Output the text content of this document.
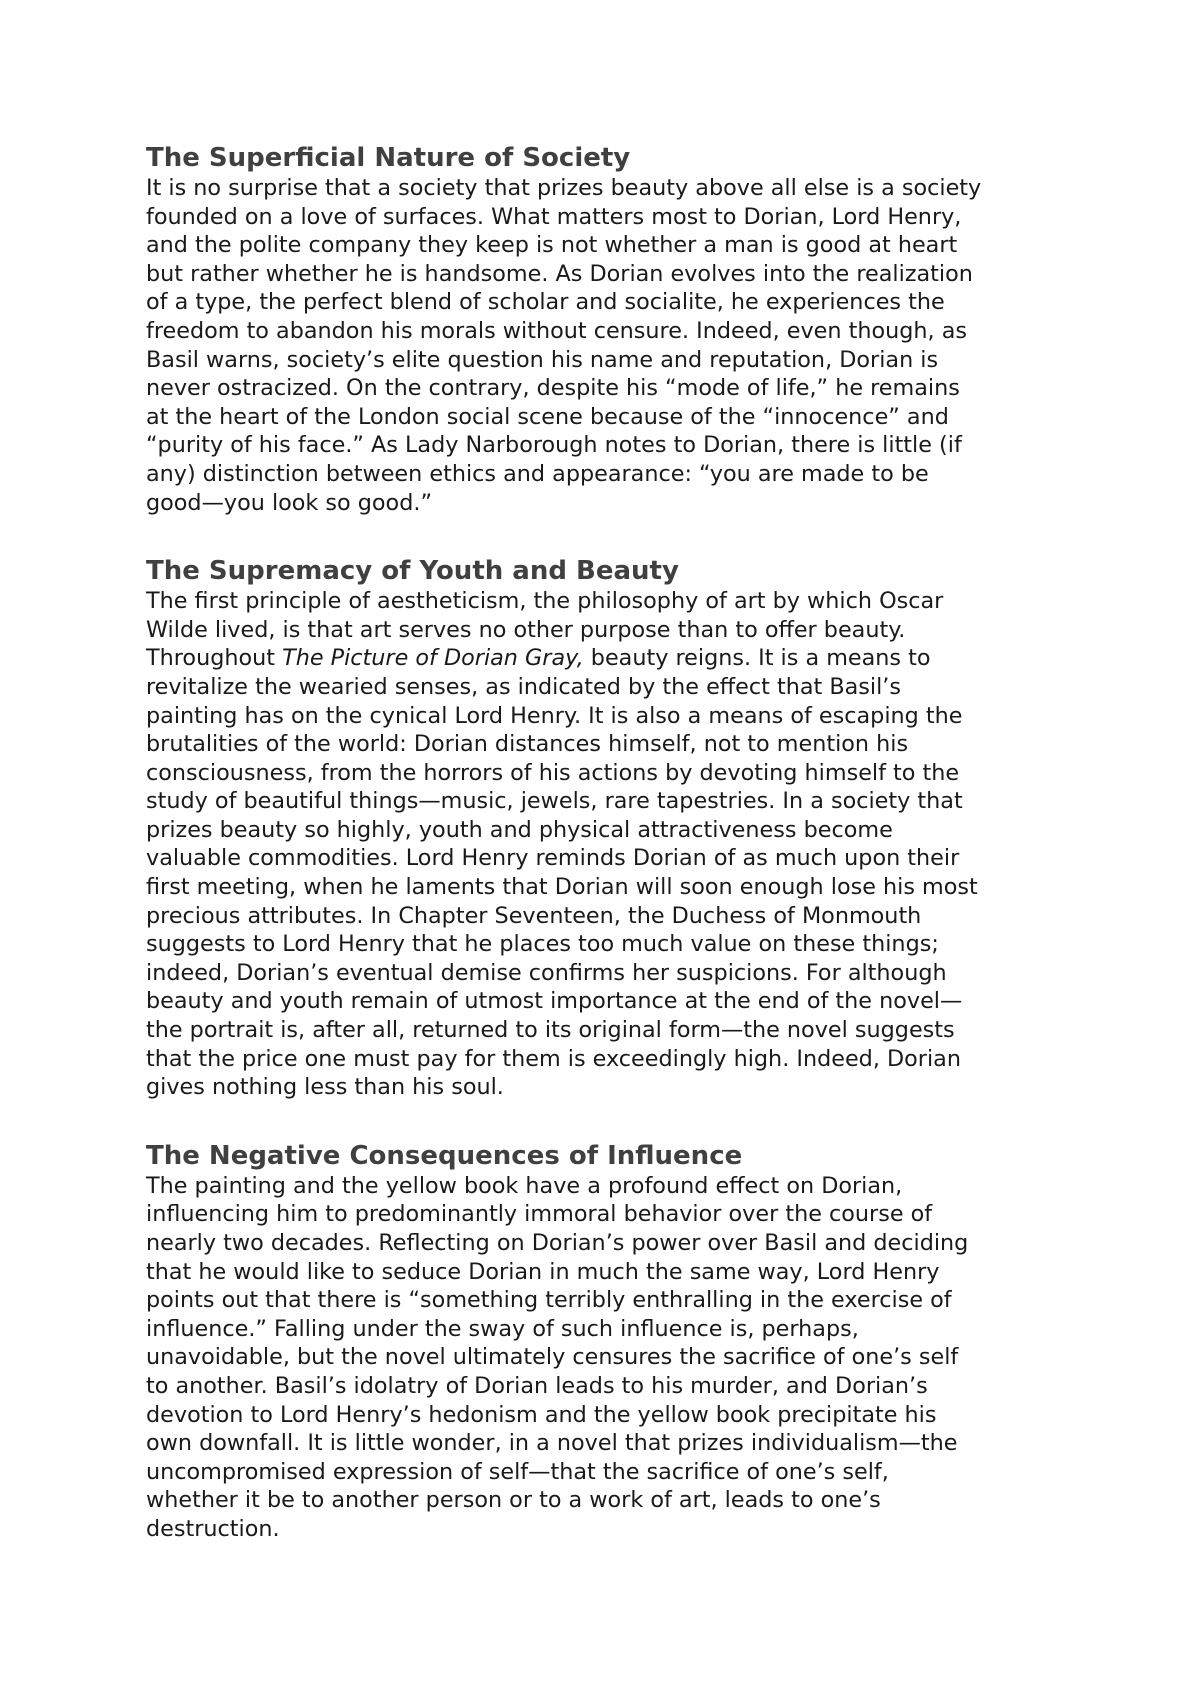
The Superficial Nature of Society

It is no surprise that a society that prizes beauty above all else is a society

founded on a love of surfaces. What matters most to Dorian, Lord Henry,

and the polite company they keep is not whether a man is good at heart

but rather whether he is handsome. As Dorian evolves into the realization

of a type, the perfect blend of scholar and socialite, he experiences the

freedom to abandon his morals without censure. Indeed, even though, as

Basil warns, society’s elite question his name and reputation, Dorian is

never ostracized. On the contrary, despite his “mode of life,” he remains

at the heart of the London social scene because of the “innocence” and

“purity of his face.” As Lady Narborough notes to Dorian, there is little (if

any) distinction between ethics and appearance: “you are made to be

good—you look so good.”

The Supremacy of Youth and Beauty

The first principle of aestheticism, the philosophy of art by which Oscar

Wilde lived, is that art serves no other purpose than to offer beauty.

Throughout The Picture of Dorian Gray, beauty reigns. It is a means to

revitalize the wearied senses, as indicated by the effect that Basil’s

painting has on the cynical Lord Henry. It is also a means of escaping the

brutalities of the world: Dorian distances himself, not to mention his

consciousness, from the horrors of his actions by devoting himself to the

study of beautiful things—music, jewels, rare tapestries. In a society that

prizes beauty so highly, youth and physical attractiveness become

valuable commodities. Lord Henry reminds Dorian of as much upon their

first meeting, when he laments that Dorian will soon enough lose his most

precious attributes. In Chapter Seventeen, the Duchess of Monmouth

suggests to Lord Henry that he places too much value on these things;

indeed, Dorian’s eventual demise confirms her suspicions. For although

beauty and youth remain of utmost importance at the end of the novel—

the portrait is, after all, returned to its original form—the novel suggests

that the price one must pay for them is exceedingly high. Indeed, Dorian

gives nothing less than his soul.

The Negative Consequences of Influence

The painting and the yellow book have a profound effect on Dorian,

influencing him to predominantly immoral behavior over the course of

nearly two decades. Reflecting on Dorian’s power over Basil and deciding

that he would like to seduce Dorian in much the same way, Lord Henry

points out that there is “something terribly enthralling in the exercise of

influence.” Falling under the sway of such influence is, perhaps,

unavoidable, but the novel ultimately censures the sacrifice of one’s self

to another. Basil’s idolatry of Dorian leads to his murder, and Dorian’s

devotion to Lord Henry’s hedonism and the yellow book precipitate his

own downfall. It is little wonder, in a novel that prizes individualism—the

uncompromised expression of self—that the sacrifice of one’s self,

whether it be to another person or to a work of art, leads to one’s

destruction.
